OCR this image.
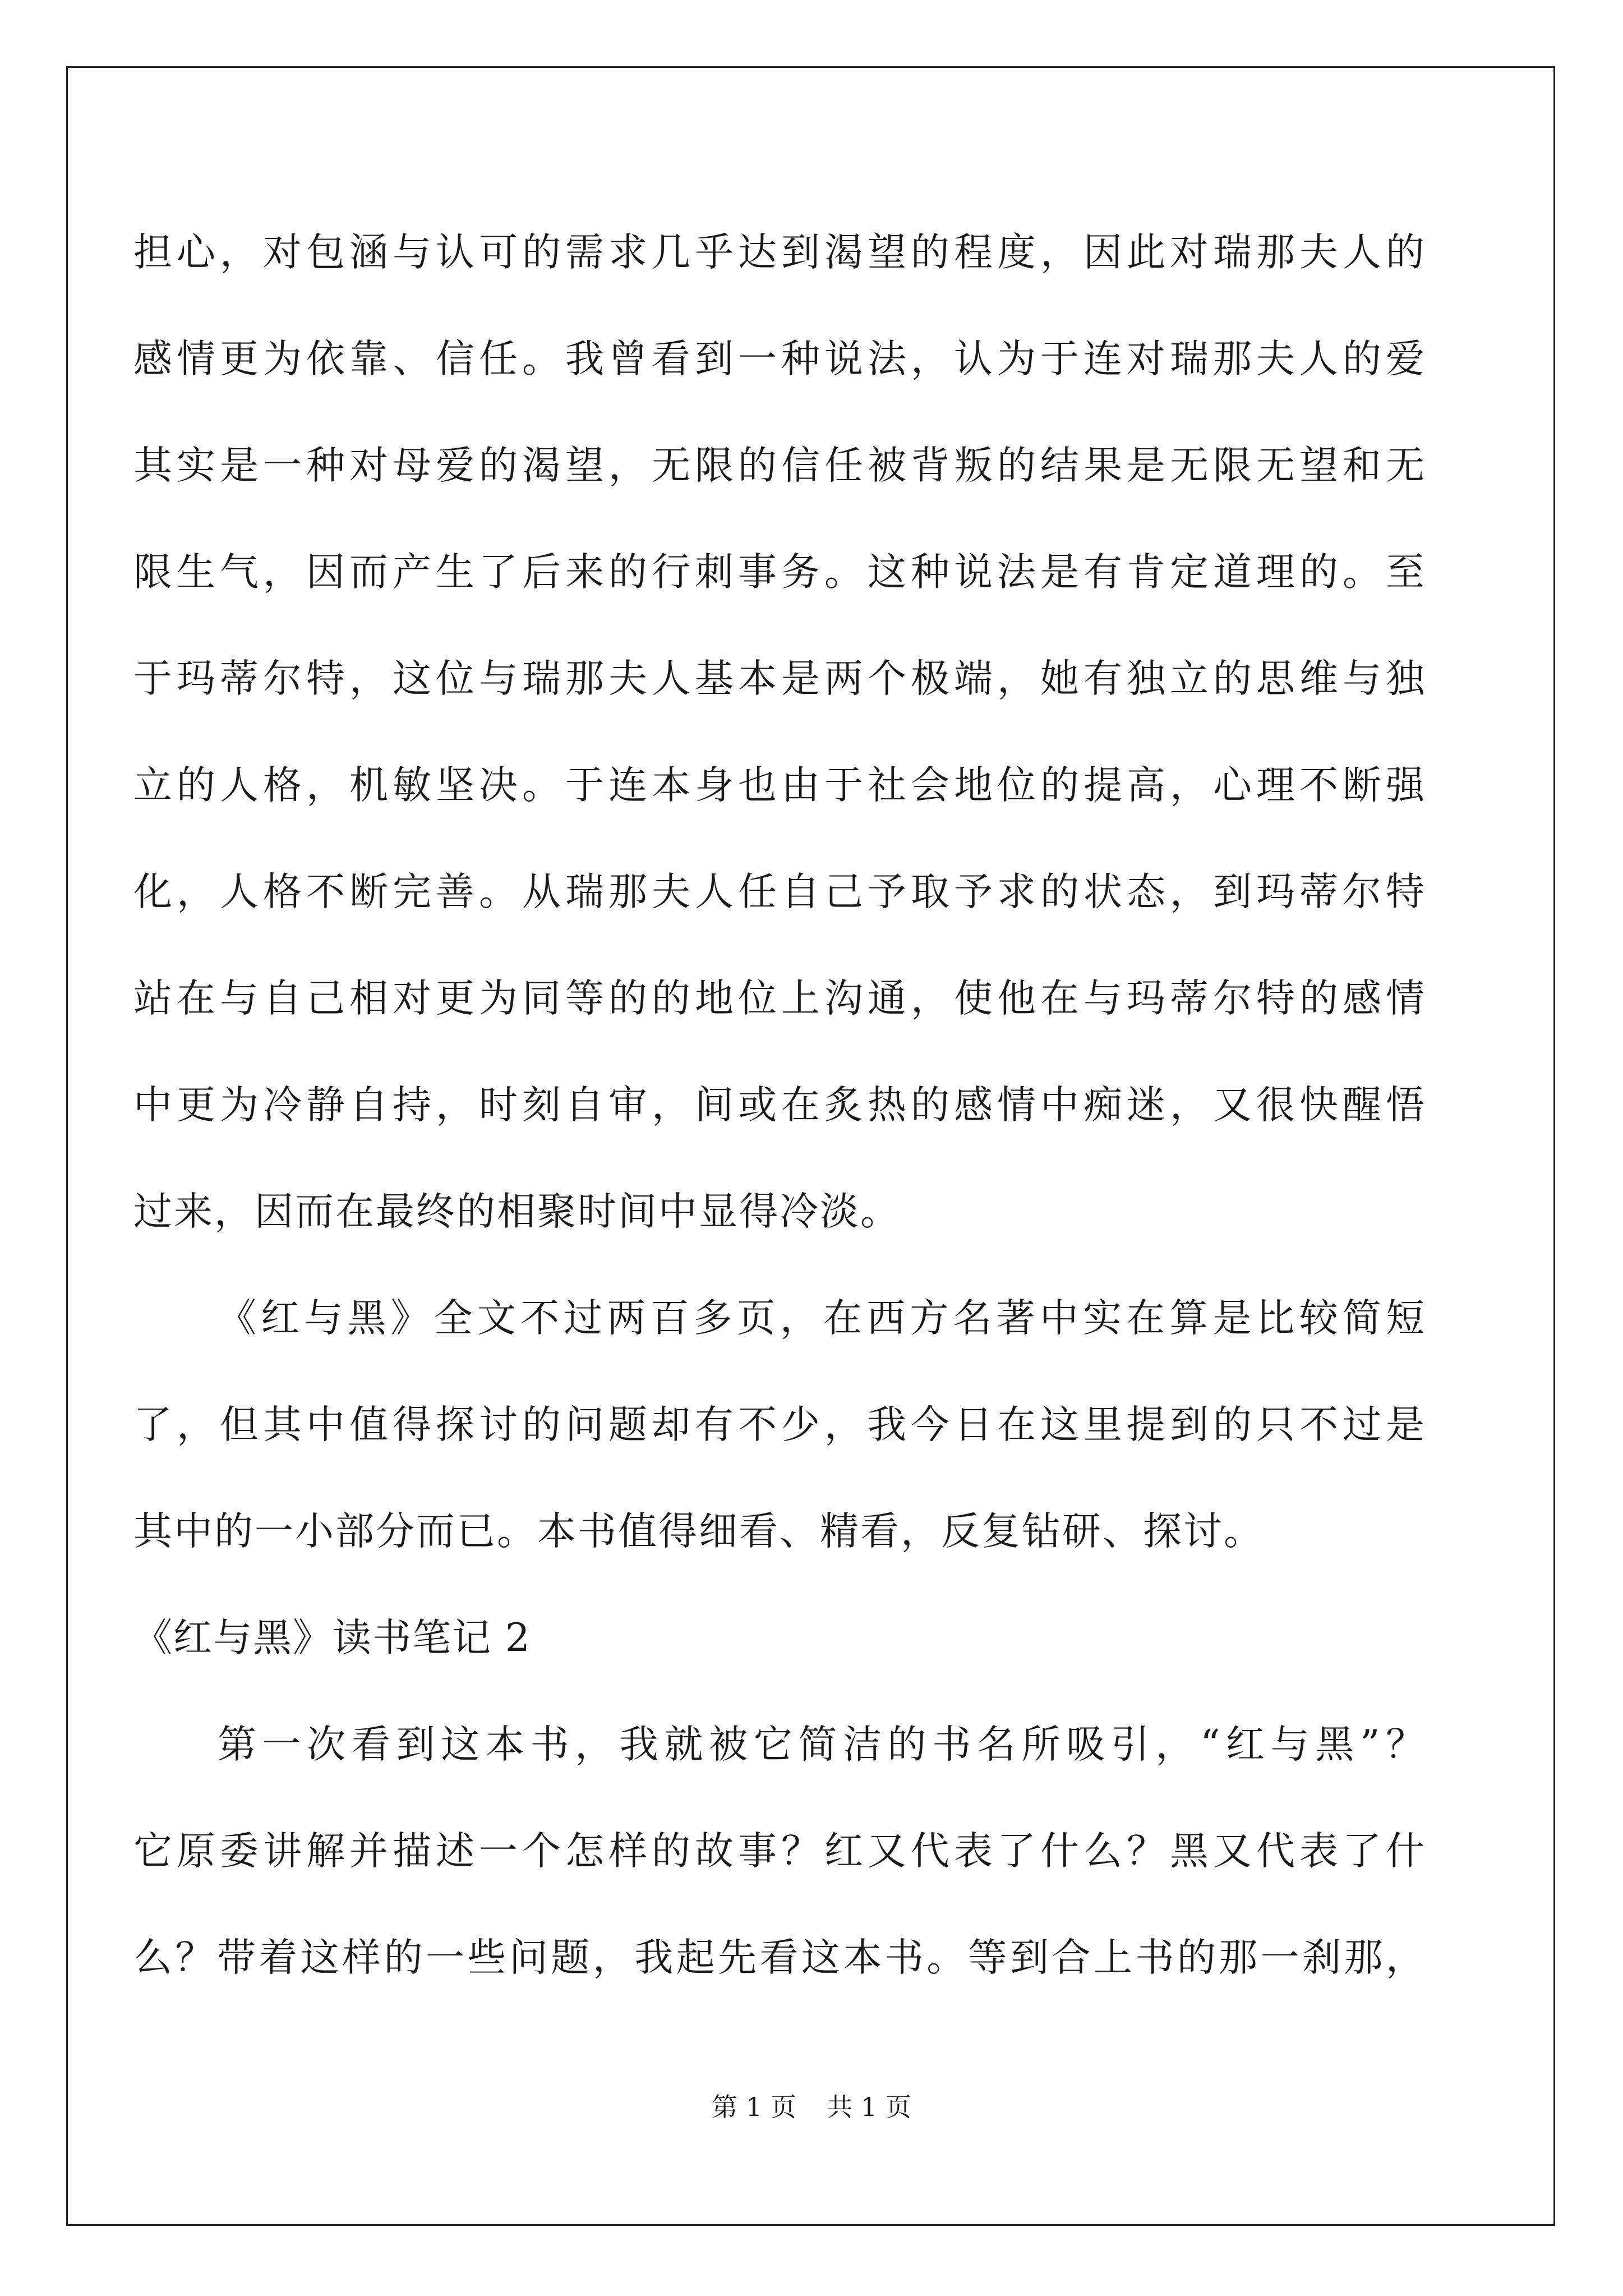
担心，对包涵与认可的需求几乎达到渴望的程度，因此对瑞那夫人的
感情更为依靠、信任。我曾看到一种说法，认为于连对瑞那夫人的爱
其实是一种对母爱的渴望，无限的信任被背叛的结果是无限无望和无
限生气，因而产生了后来的行刺事务。这种说法是有肯定道理的。至
于玛蒂尔特，这位与瑞那夫人基本是两个极端，她有独立的思维与独
立的人格，机敏坚决。于连本身也由于社会地位的提高，心理不断强
化，人格不断完善。从瑞那夫人任自己予取予求的状态，到玛蒂尔特
站在与自己相对更为同等的的地位上沟通，使他在与玛蒂尔特的感情
中更为冷静自持，时刻自审，间或在炙热的感情中痴迷，又很快醒悟
过来，因而在最终的相聚时间中显得冷淡。
《红与黑》全文不过两百多页，在西方名著中实在算是比较简短
了，但其中值得探讨的问题却有不少，我今日在这里提到的只不过是
其中的一小部分而已。本书值得细看、精看，反复钻研、探讨。
《红与黑》读书笔记 2
第一次看到这本书，我就被它简洁的书名所吸引，“红与黑”？
它原委讲解并描述一个怎样的故事？红又代表了什么？黑又代表了什
么？带着这样的一些问题，我起先看这本书。等到合上书的那一刹那，
第 1 页 共 1 页
